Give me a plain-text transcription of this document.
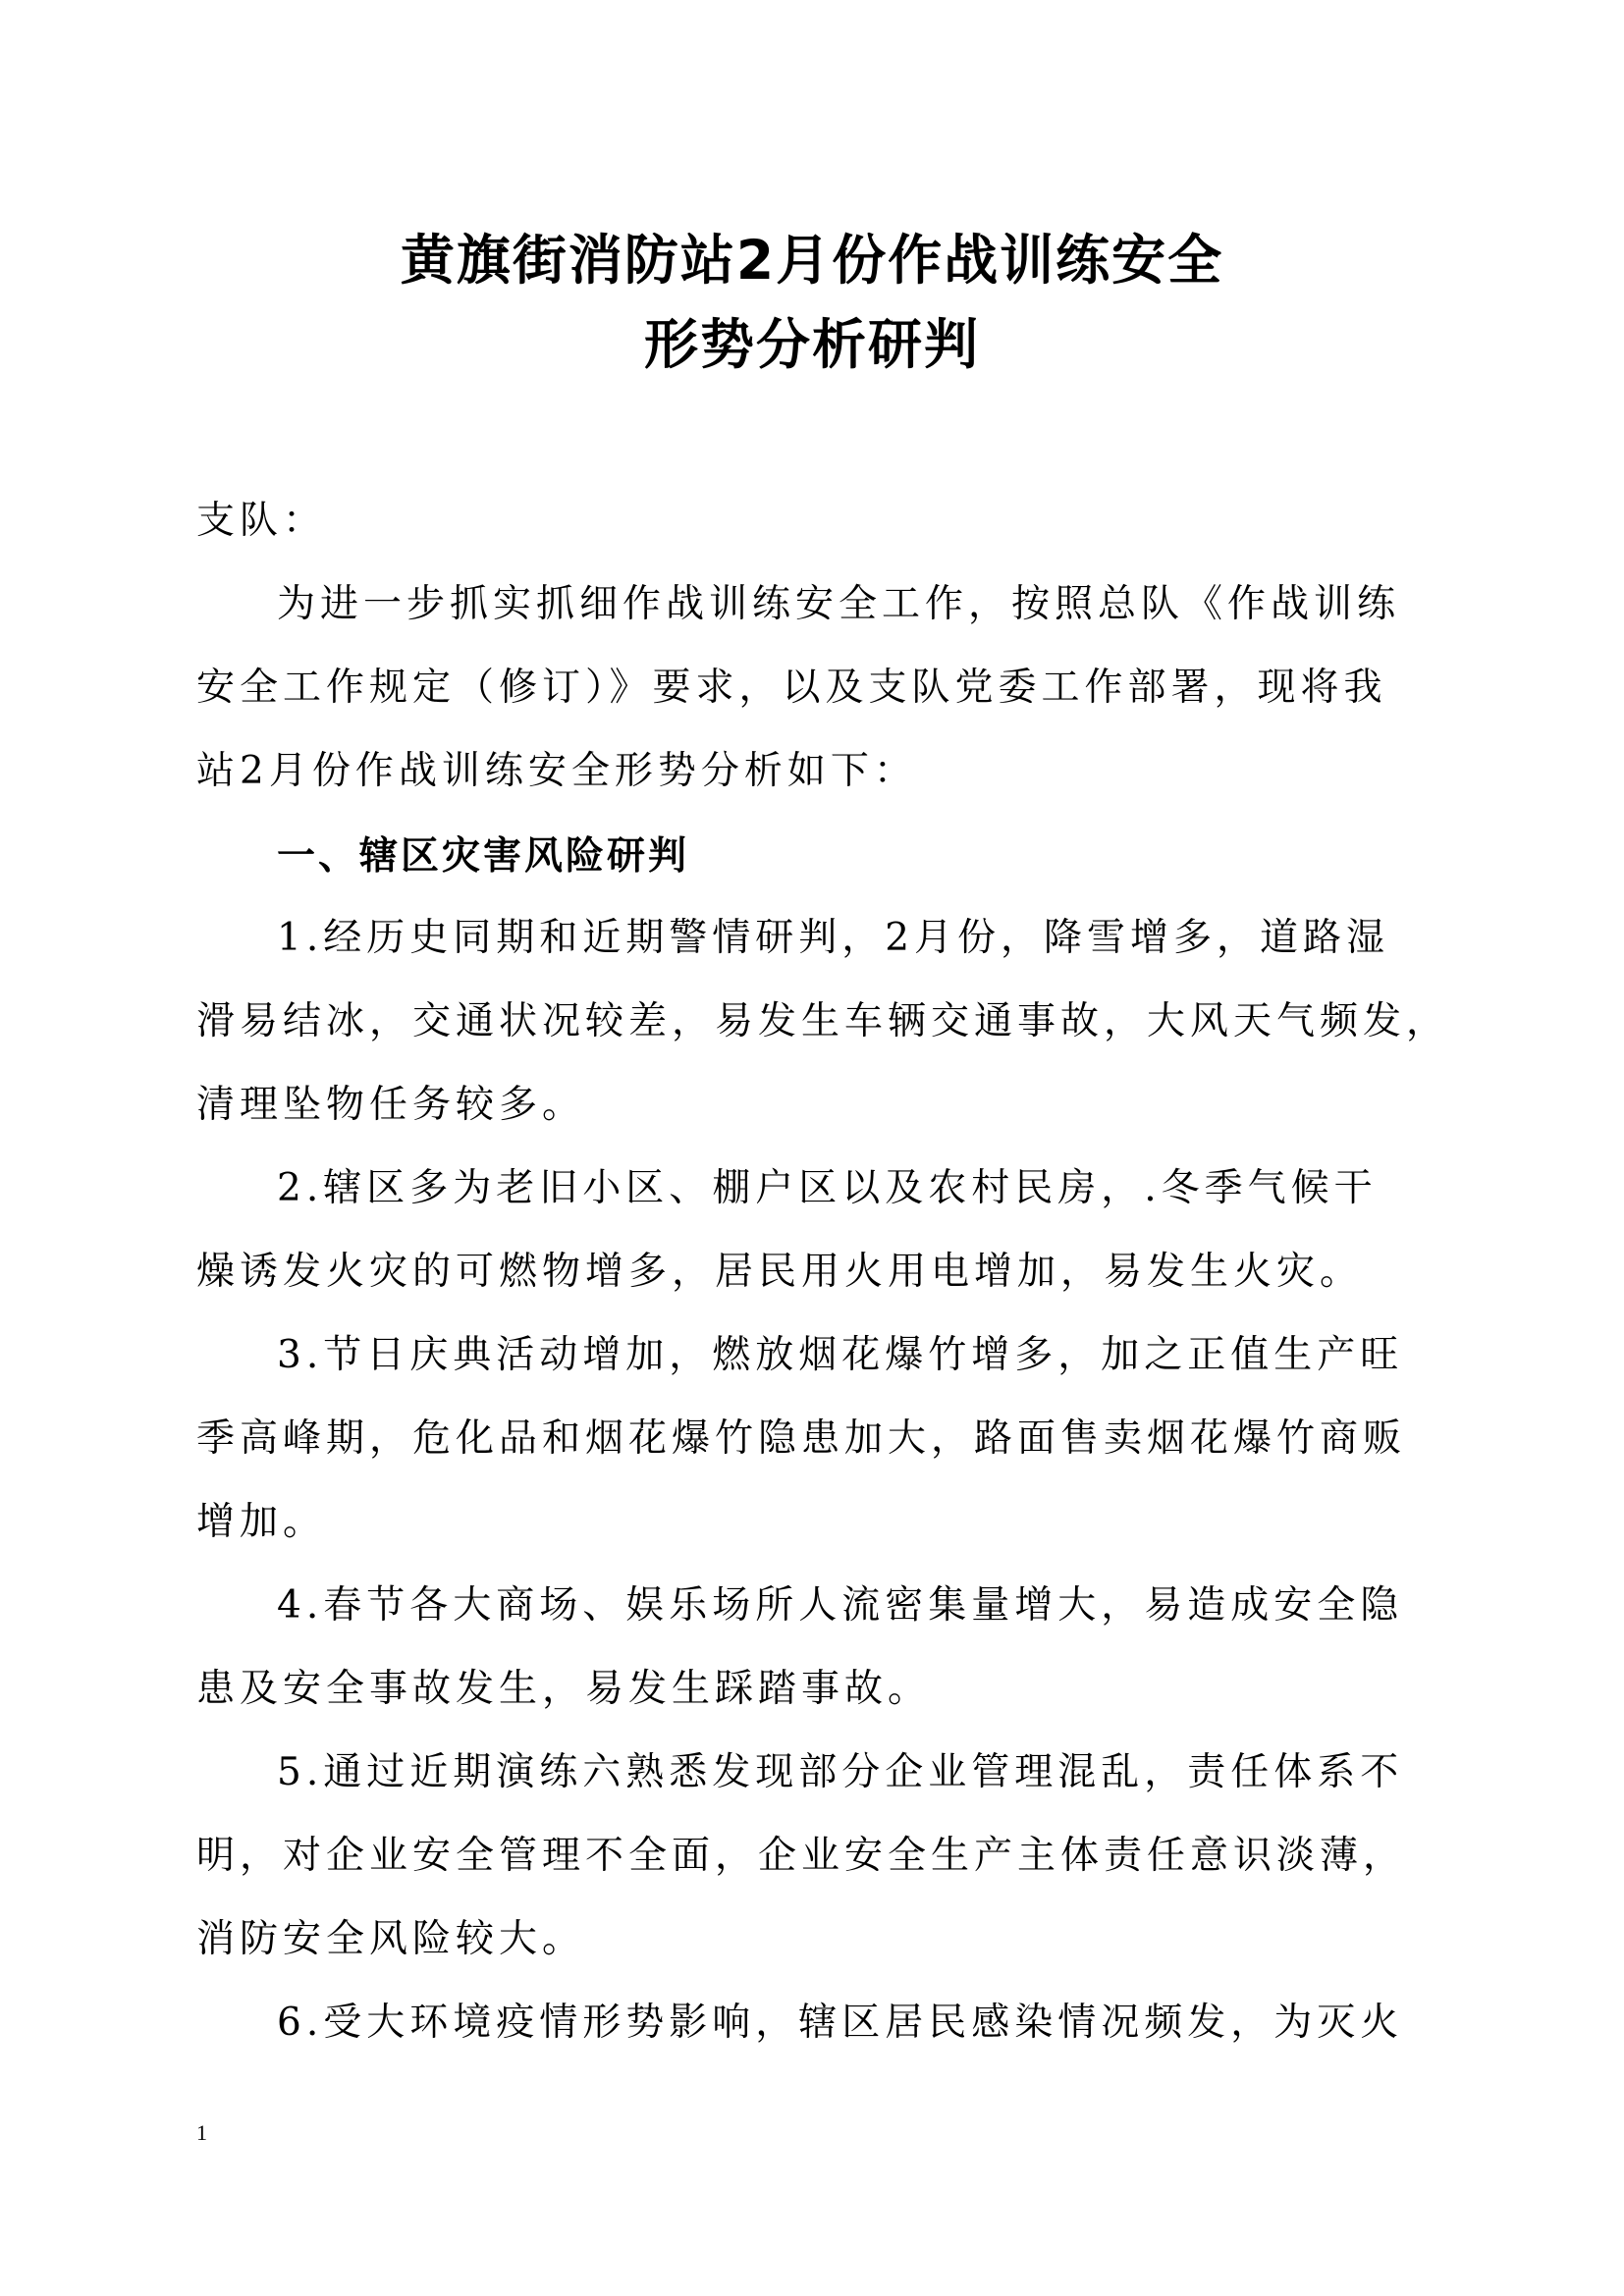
黄旗街消防站2月份作战训练安全
形势分析研判
支队：
为进一步抓实抓细作战训练安全工作，按照总队《作战训练
安全工作规定（修订）》要求，以及支队党委工作部署，现将我
站2月份作战训练安全形势分析如下：
一、辖区灾害风险研判
1.经历史同期和近期警情研判，2月份，降雪增多，道路湿
滑易结冰，交通状况较差，易发生车辆交通事故，大风天气频发，
清理坠物任务较多。
2.辖区多为老旧小区、棚户区以及农村民房，.冬季气候干
燥诱发火灾的可燃物增多，居民用火用电增加，易发生火灾。
3.节日庆典活动增加，燃放烟花爆竹增多，加之正值生产旺
季高峰期，危化品和烟花爆竹隐患加大，路面售卖烟花爆竹商贩
增加。
4.春节各大商场、娱乐场所人流密集量增大，易造成安全隐
患及安全事故发生，易发生踩踏事故。
5.通过近期演练六熟悉发现部分企业管理混乱，责任体系不
明，对企业安全管理不全面，企业安全生产主体责任意识淡薄，
消防安全风险较大。
6.受大环境疫情形势影响，辖区居民感染情况频发，为灭火
1
